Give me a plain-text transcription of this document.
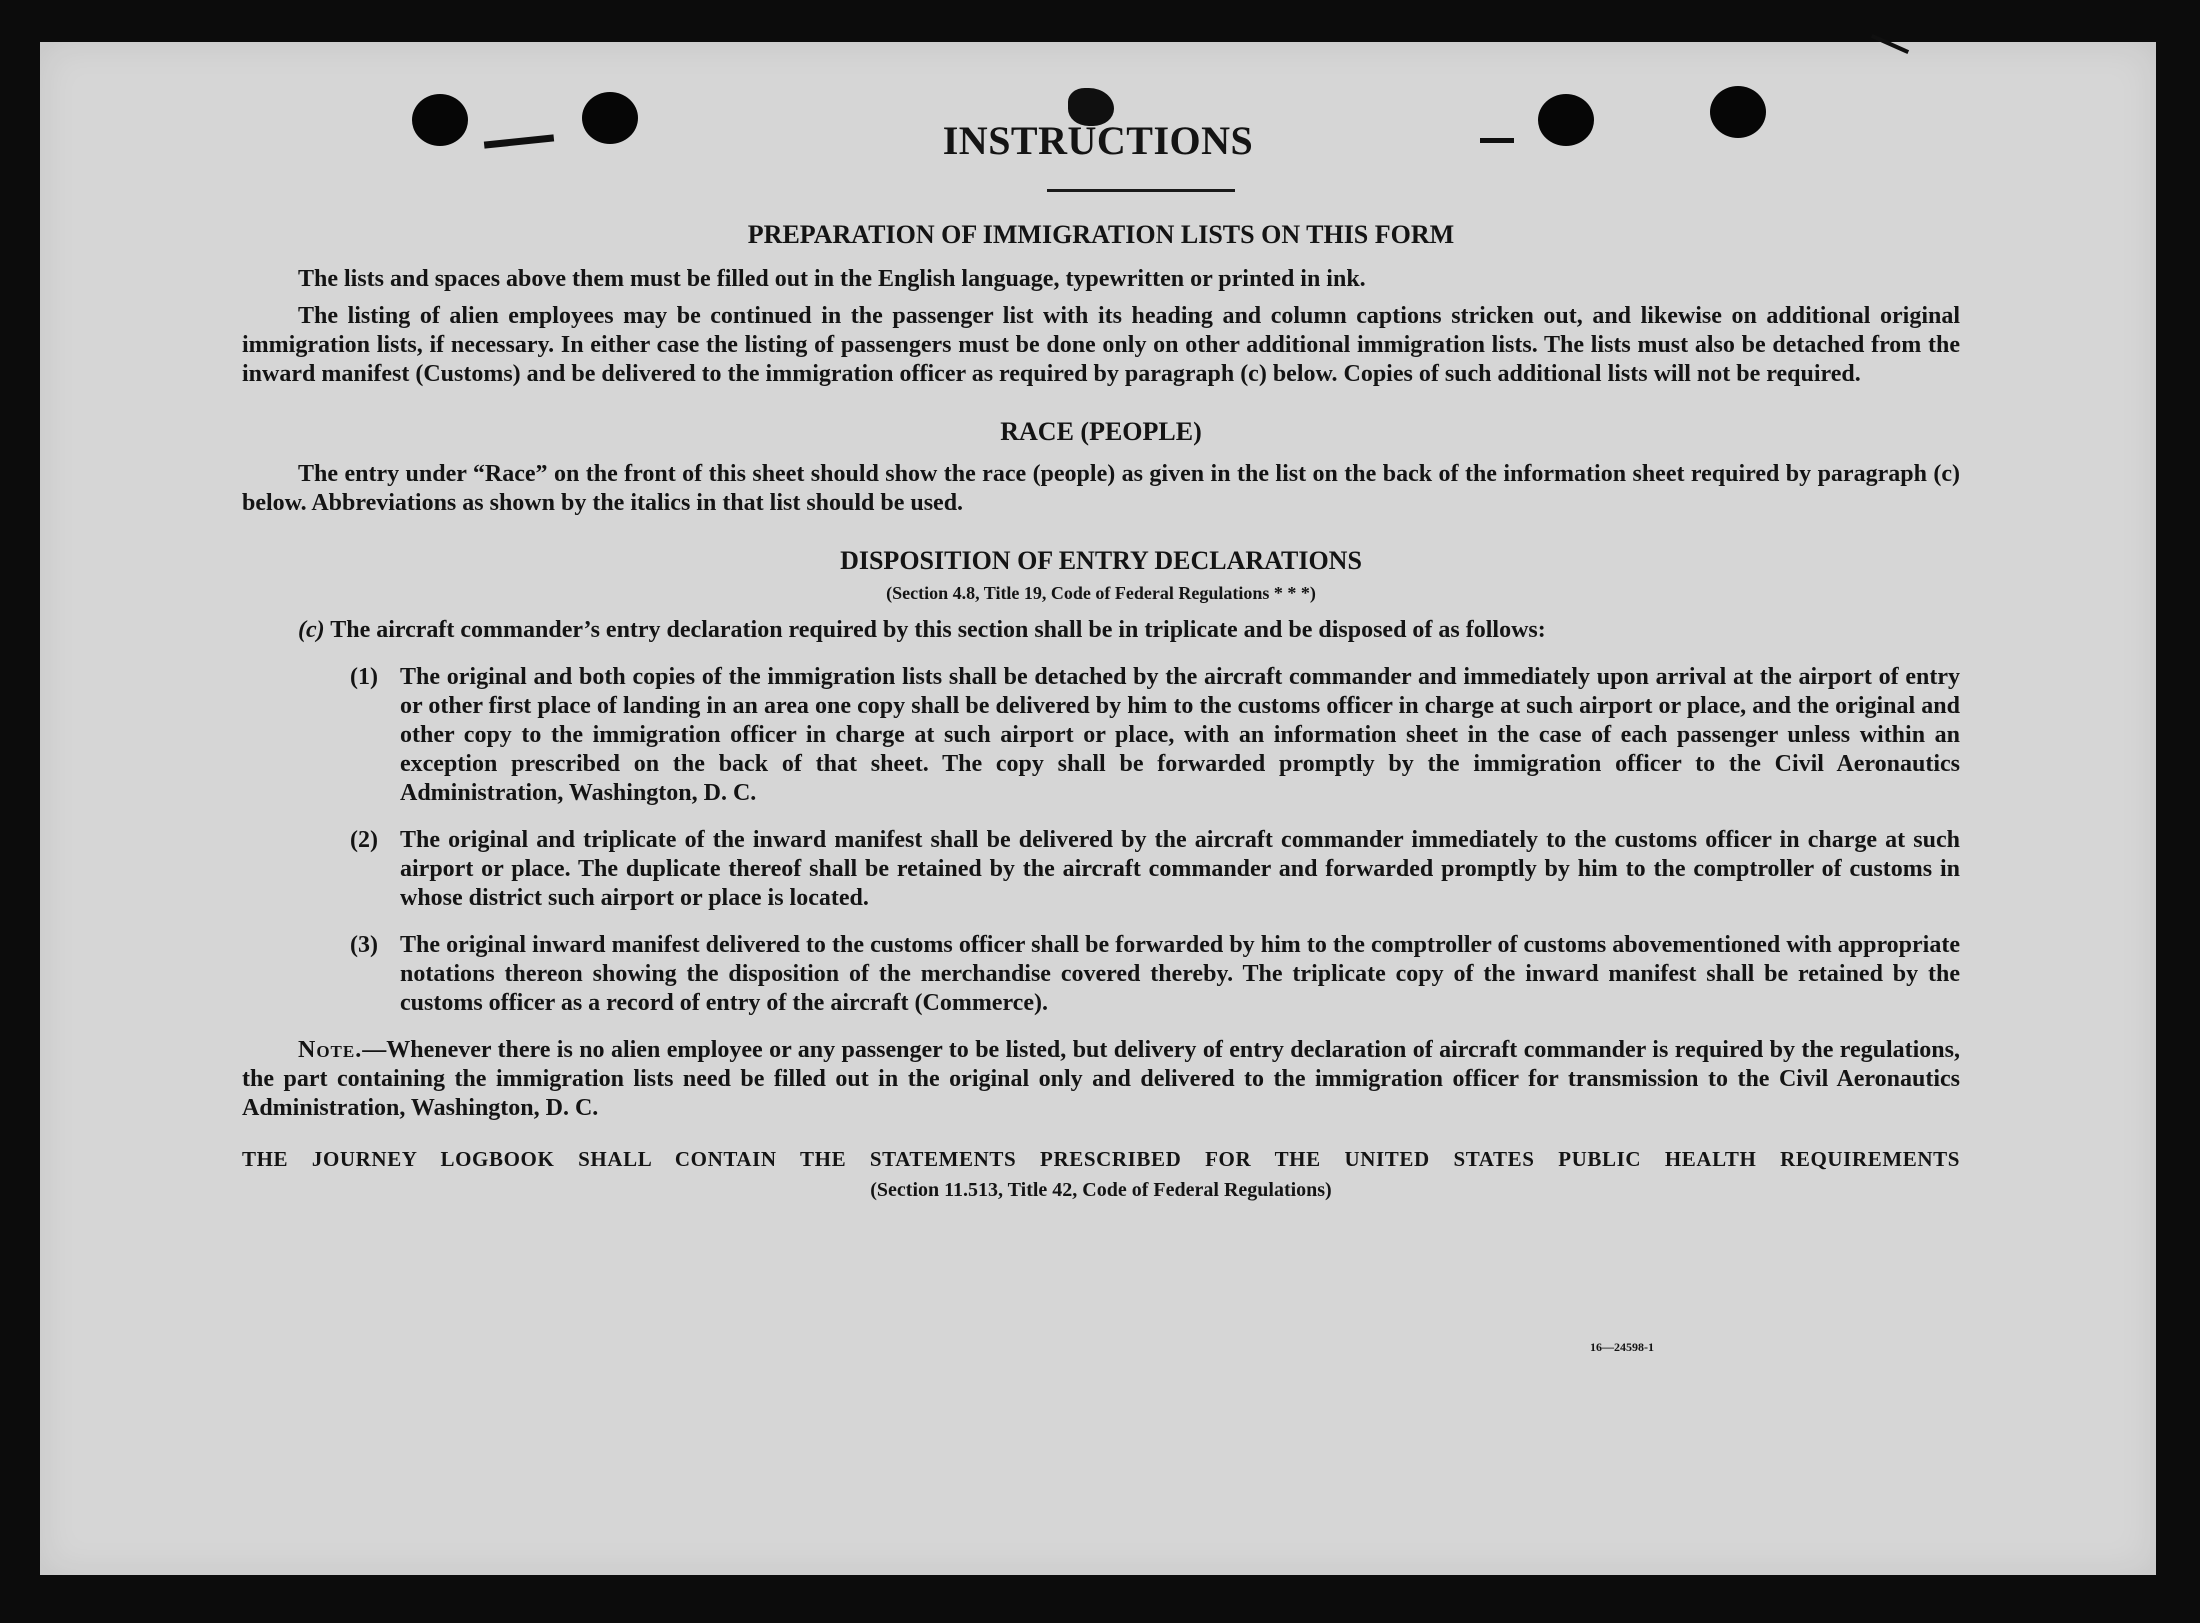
INSTRUCTIONS
PREPARATION OF IMMIGRATION LISTS ON THIS FORM

The lists and spaces above them must be filled out in the English language, typewritten or printed in ink.

The listing of alien employees may be continued in the passenger list with its heading and column captions stricken out, and likewise on additional original immigration lists, if necessary. In either case the listing of passengers must be done only on other additional immigration lists. The lists must also be detached from the inward manifest (Customs) and be delivered to the immigration officer as required by paragraph (c) below. Copies of such additional lists will not be required.

RACE (PEOPLE)

The entry under “Race” on the front of this sheet should show the race (people) as given in the list on the back of the information sheet required by paragraph (c) below. Abbreviations as shown by the italics in that list should be used.

DISPOSITION OF ENTRY DECLARATIONS
(Section 4.8, Title 19, Code of Federal Regulations * * *)

(c) The aircraft commander’s entry declaration required by this section shall be in triplicate and be disposed of as follows:

(1) The original and both copies of the immigration lists shall be detached by the aircraft commander and immediately upon arrival at the airport of entry or other first place of landing in an area one copy shall be delivered by him to the customs officer in charge at such airport or place, and the original and other copy to the immigration officer in charge at such airport or place, with an information sheet in the case of each passenger unless within an exception prescribed on the back of that sheet. The copy shall be forwarded promptly by the immigration officer to the Civil Aeronautics Administration, Washington, D. C.
(2) The original and triplicate of the inward manifest shall be delivered by the aircraft commander immediately to the customs officer in charge at such airport or place. The duplicate thereof shall be retained by the aircraft commander and forwarded promptly by him to the comptroller of customs in whose district such airport or place is located.
(3) The original inward manifest delivered to the customs officer shall be forwarded by him to the comptroller of customs abovementioned with appropriate notations thereon showing the disposition of the merchandise covered thereby. The triplicate copy of the inward manifest shall be retained by the customs officer as a record of entry of the aircraft (Commerce).

Note.—Whenever there is no alien employee or any passenger to be listed, but delivery of entry declaration of aircraft commander is required by the regulations, the part containing the immigration lists need be filled out in the original only and delivered to the immigration officer for transmission to the Civil Aeronautics Administration, Washington, D. C.

THE JOURNEY LOGBOOK SHALL CONTAIN THE STATEMENTS PRESCRIBED FOR THE UNITED STATES PUBLIC HEALTH REQUIREMENTS
(Section 11.513, Title 42, Code of Federal Regulations)
16—24598-1
